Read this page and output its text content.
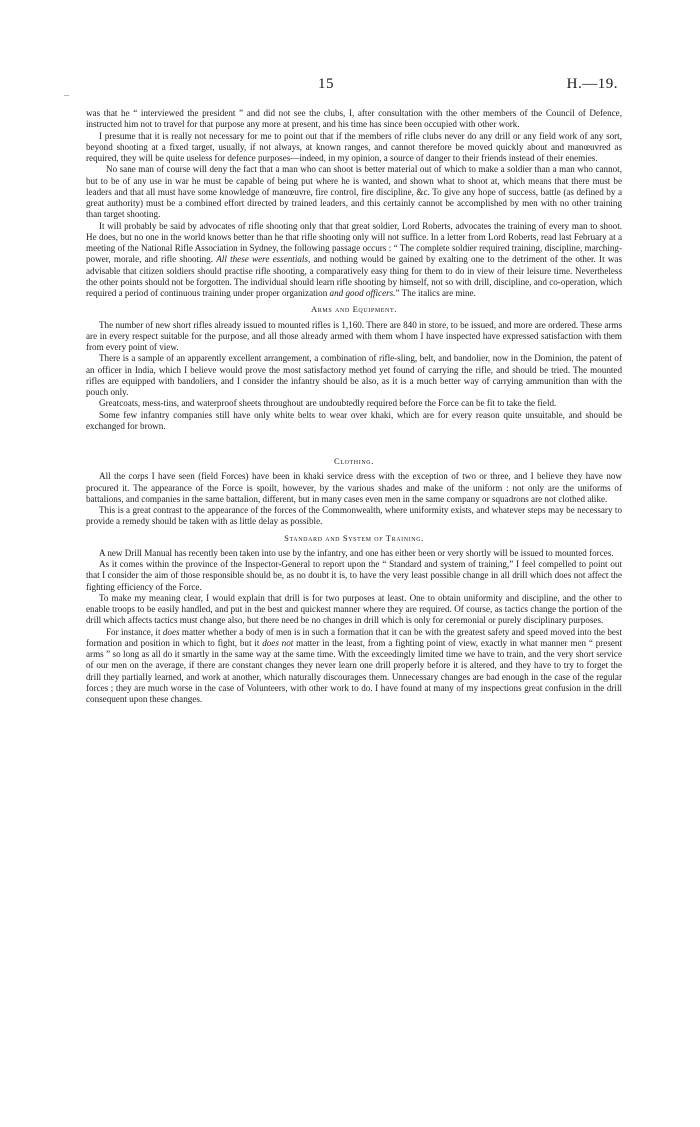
–
15	H.—19.

was that he “ interviewed the president ” and did not see the clubs, I, after consultation with the other members of the Council of Defence, instructed him not to travel for that purpose any more at present, and his time has since been occupied with other work.

I presume that it is really not necessary for me to point out that if the members of rifle clubs never do any drill or any field work of any sort, beyond shooting at a fixed target, usually, if not always, at known ranges, and cannot therefore be moved quickly about and manœuvred as required, they will be quite useless for defence purposes—indeed, in my opinion, a source of danger to their friends instead of their enemies.

No sane man of course will deny the fact that a man who can shoot is better material out of which to make a soldier than a man who cannot, but to be of any use in war he must be capable of being put where he is wanted, and shown what to shoot at, which means that there must be leaders and that all must have some knowledge of manœuvre, fire control, fire discipline, &c. To give any hope of success, battle (as defined by a great authority) must be a combined effort directed by trained leaders, and this certainly cannot be accomplished by men with no other training than target shooting.

It will probably be said by advocates of rifle shooting only that that great soldier, Lord Roberts, advocates the training of every man to shoot. He does, but no one in the world knows better than he that rifle shooting only will not suffice. In a letter from Lord Roberts, read last February at a meeting of the National Rifle Association in Sydney, the following passage occurs : “ The complete soldier required training, discipline, marching-power, morale, and rifle shooting. All these were essentials, and nothing would be gained by exalting one to the detriment of the other. It was advisable that citizen soldiers should practise rifle shooting, a comparatively easy thing for them to do in view of their leisure time. Nevertheless the other points should not be forgotten. The individual should learn rifle shooting by himself, not so with drill, discipline, and co-operation, which required a period of continuous training under proper organization and good officers.” The italics are mine.

Arms and Equipment.

The number of new short rifles already issued to mounted rifles is 1,160. There are 840 in store, to be issued, and more are ordered. These arms are in every respect suitable for the purpose, and all those already armed with them whom I have inspected have expressed satisfaction with them from every point of view.

There is a sample of an apparently excellent arrangement, a combination of rifle-sling, belt, and bandolier, now in the Dominion, the patent of an officer in India, which I believe would prove the most satisfactory method yet found of carrying the rifle, and should be tried. The mounted rifles are equipped with bandoliers, and I consider the infantry should be also, as it is a much better way of carrying ammunition than with the pouch only.

Greatcoats, mess-tins, and waterproof sheets throughout are undoubtedly required before the Force can be fit to take the field.

Some few infantry companies still have only white belts to wear over khaki, which are for every reason quite unsuitable, and should be exchanged for brown.

Clothing.

All the corps I have seen (field Forces) have been in khaki service dress with the exception of two or three, and I believe they have now procured it. The appearance of the Force is spoilt, however, by the various shades and make of the uniform : not only are the uniforms of battalions, and companies in the same battalion, different, but in many cases even men in the same company or squadrons are not clothed alike.

This is a great contrast to the appearance of the forces of the Commonwealth, where uniformity exists, and whatever steps may be necessary to provide a remedy should be taken with as little delay as possible.

Standard and System of Training.

A new Drill Manual has recently been taken into use by the infantry, and one has either been or very shortly will be issued to mounted forces.

As it comes within the province of the Inspector-General to report upon the “ Standard and system of training,” I feel compelled to point out that I consider the aim of those responsible should be, as no doubt it is, to have the very least possible change in all drill which does not affect the fighting efficiency of the Force.

To make my meaning clear, I would explain that drill is for two purposes at least. One to obtain uniformity and discipline, and the other to enable troops to be easily handled, and put in the best and quickest manner where they are required. Of course, as tactics change the portion of the drill which affects tactics must change also, but there need be no changes in drill which is only for ceremonial or purely disciplinary purposes.

For instance, it does matter whether a body of men is in such a formation that it can be with the greatest safety and speed moved into the best formation and position in which to fight, but it does not matter in the least, from a fighting point of view, exactly in what manner men “ present arms ” so long as all do it smartly in the same way at the same time. With the exceedingly limited time we have to train, and the very short service of our men on the average, if there are constant changes they never learn one drill properly before it is altered, and they have to try to forget the drill they partially learned, and work at another, which naturally discourages them. Unnecessary changes are bad enough in the case of the regular forces ; they are much worse in the case of Volunteers, with other work to do. I have found at many of my inspections great confusion in the drill consequent upon these changes.
